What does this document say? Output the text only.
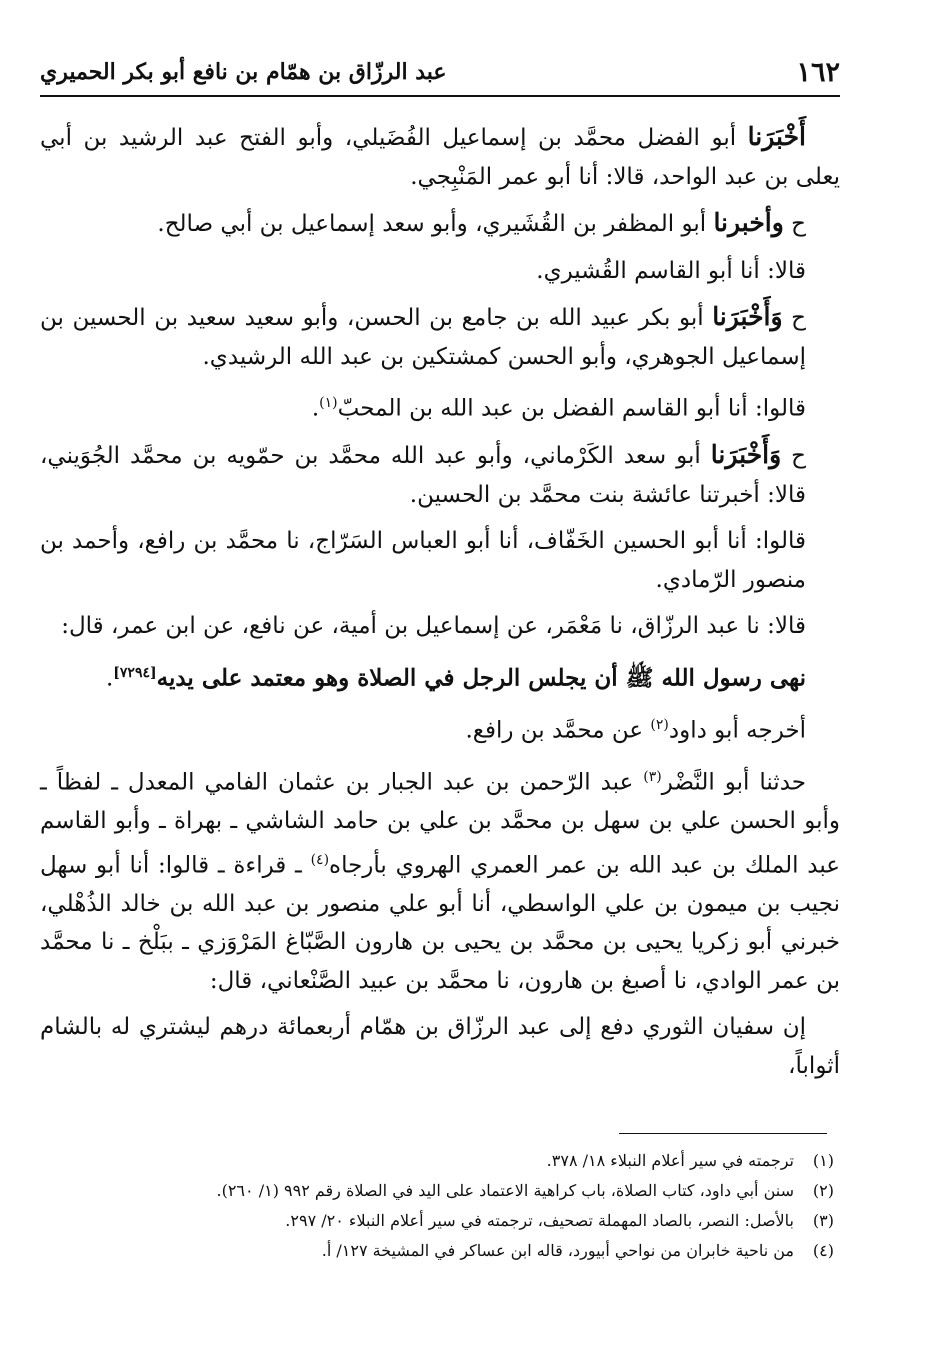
١٦٢
عبد الرزّاق بن همّام بن نافع أبو بكر الحميري

أَخْبَرَنا أبو الفضل محمَّد بن إسماعيل الفُضَيلي، وأبو الفتح عبد الرشيد بن أبي يعلى بن عبد الواحد، قالا: أنا أبو عمر المَنْبِجي.

ح وأخبرنا أبو المظفر بن القُشَيري، وأبو سعد إسماعيل بن أبي صالح.

قالا: أنا أبو القاسم القُشيري.

ح وَأَخْبَرَنا أبو بكر عبيد الله بن جامع بن الحسن، وأبو سعيد سعيد بن الحسين بن إسماعيل الجوهري، وأبو الحسن كمشتكين بن عبد الله الرشيدي.

قالوا: أنا أبو القاسم الفضل بن عبد الله بن المحبّ$^{(١)}$.

ح وَأَخْبَرَنا أبو سعد الكَرْماني، وأبو عبد الله محمَّد بن حمّويه بن محمَّد الجُوَيني، قالا: أخبرتنا عائشة بنت محمَّد بن الحسين.

قالوا: أنا أبو الحسين الخَفّاف، أنا أبو العباس السَرّاج، نا محمَّد بن رافع، وأحمد بن منصور الرّمادي.

قالا: نا عبد الرزّاق، نا مَعْمَر، عن إسماعيل بن أمية، عن نافع، عن ابن عمر، قال:

نهى رسول الله ﷺ أن يجلس الرجل في الصلاة وهو معتمد على يديه[٧٢٩٤].

أخرجه أبو داود$^{(٢)}$ عن محمَّد بن رافع.

حدثنا أبو النَّضْر$^{(٣)}$ عبد الرّحمن بن عبد الجبار بن عثمان الفامي المعدل ـ لفظاً ـ وأبو الحسن علي بن سهل بن محمَّد بن علي بن حامد الشاشي ـ بهراة ـ وأبو القاسم عبد الملك بن عبد الله بن عمر العمري الهروي بأرجاه$^{(٤)}$ ـ قراءة ـ قالوا: أنا أبو سهل نجيب بن ميمون بن علي الواسطي، أنا أبو علي منصور بن عبد الله بن خالد الذُهْلي، خبرني أبو زكريا يحيى بن محمَّد بن يحيى بن هارون الصَّبّاغ المَرْوَزي ـ ببَلْخ ـ نا محمَّد بن عمر الوادي، نا أصبغ بن هارون، نا محمَّد بن عبيد الصَّنْعاني، قال:

إن سفيان الثوري دفع إلى عبد الرزّاق بن همّام أربعمائة درهم ليشتري له بالشام أثواباً،

(١)ترجمته في سير أعلام النبلاء ١٨/ ٣٧٨.
(٢)سنن أبي داود، كتاب الصلاة، باب كراهية الاعتماد على اليد في الصلاة رقم ٩٩٢ (١/ ٢٦٠).
(٣)بالأصل: النصر، بالصاد المهملة تصحيف، ترجمته في سير أعلام النبلاء ٢٠/ ٢٩٧.
(٤)من ناحية خابران من نواحي أبيورد، قاله ابن عساكر في المشيخة ١٢٧/ أ.
